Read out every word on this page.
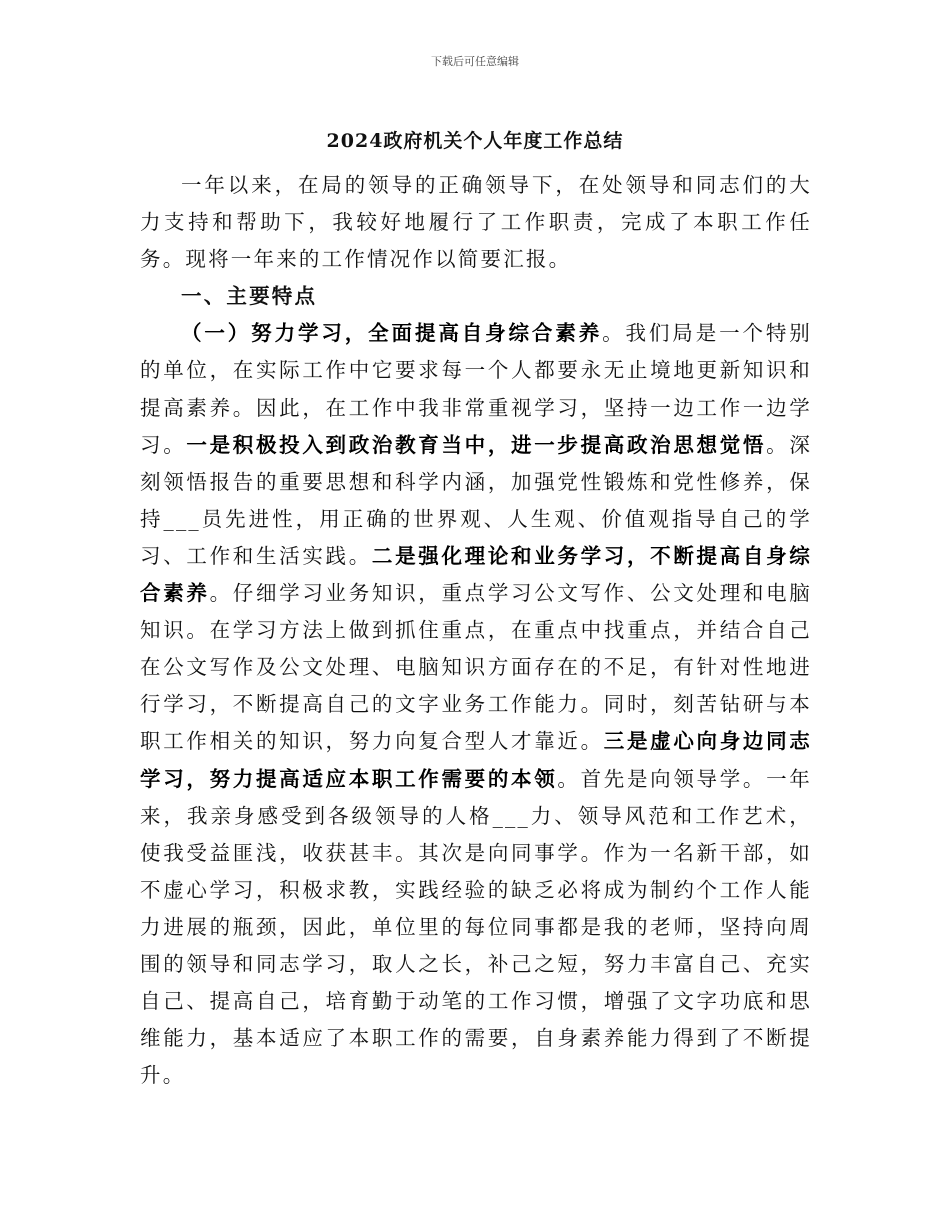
下载后可任意编辑
2024政府机关个人年度工作总结

一年以来，在局的领导的正确领导下，在处领导和同志们的大力支持和帮助下，我较好地履行了工作职责，完成了本职工作任务。现将一年来的工作情况作以简要汇报。

一、主要特点

（一）努力学习，全面提高自身综合素养。我们局是一个特别的单位，在实际工作中它要求每一个人都要永无止境地更新知识和提高素养。因此，在工作中我非常重视学习，坚持一边工作一边学习。一是积极投入到政治教育当中，进一步提高政治思想觉悟。深刻领悟报告的重要思想和科学内涵，加强党性锻炼和党性修养，保持___员先进性，用正确的世界观、人生观、价值观指导自己的学习、工作和生活实践。二是强化理论和业务学习，不断提高自身综合素养。仔细学习业务知识，重点学习公文写作、公文处理和电脑知识。在学习方法上做到抓住重点，在重点中找重点，并结合自己在公文写作及公文处理、电脑知识方面存在的不足，有针对性地进行学习，不断提高自己的文字业务工作能力。同时，刻苦钻研与本职工作相关的知识，努力向复合型人才靠近。三是虚心向身边同志学习，努力提高适应本职工作需要的本领。首先是向领导学。一年来，我亲身感受到各级领导的人格___力、领导风范和工作艺术，使我受益匪浅，收获甚丰。其次是向同事学。作为一名新干部，如不虚心学习，积极求教，实践经验的缺乏必将成为制约个工作人能力进展的瓶颈，因此，单位里的每位同事都是我的老师，坚持向周围的领导和同志学习，取人之长，补己之短，努力丰富自己、充实自己、提高自己，培育勤于动笔的工作习惯，增强了文字功底和思维能力，基本适应了本职工作的需要，自身素养能力得到了不断提升。
